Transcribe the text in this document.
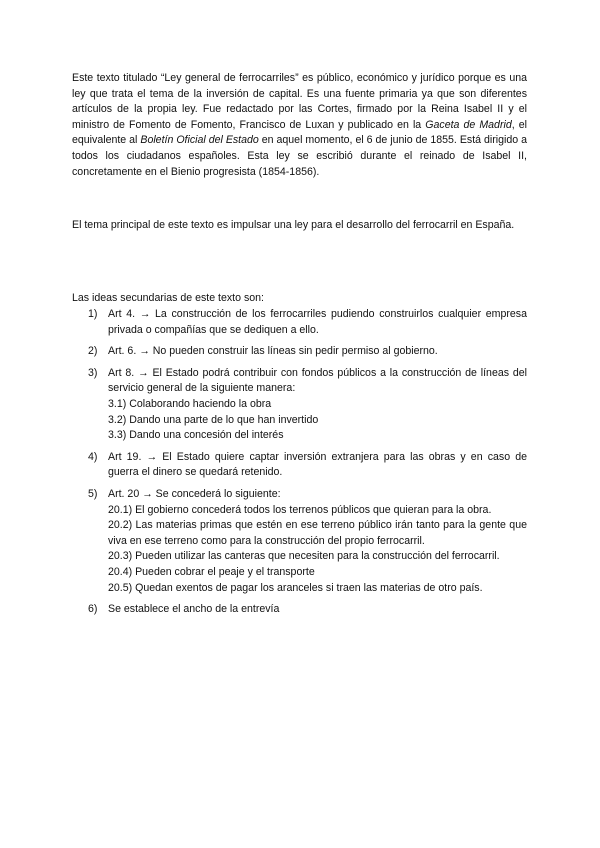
Este texto titulado “Ley general de ferrocarriles” es público, económico y jurídico porque es una ley que trata el tema de la inversión de capital. Es una fuente primaria ya que son diferentes artículos de la propia ley. Fue redactado por las Cortes, firmado por la Reina Isabel II y el ministro de Fomento de Fomento, Francisco de Luxan y publicado en la Gaceta de Madrid, el equivalente al Boletín Oficial del Estado en aquel momento, el 6 de junio de 1855. Está dirigido a todos los ciudadanos españoles. Esta ley se escribió durante el reinado de Isabel II, concretamente en el Bienio progresista (1854-1856).

El tema principal de este texto es impulsar una ley para el desarrollo del ferrocarril en España.

Las ideas secundarias de este texto son:

1) Art 4. → La construcción de los ferrocarriles pudiendo construirlos cualquier empresa privada o compañías que se dediquen a ello.
2) Art. 6. → No pueden construir las líneas sin pedir permiso al gobierno.
3) Art 8. → El Estado podrá contribuir con fondos públicos a la construcción de líneas del servicio general de la siguiente manera:
3.1) Colaborando haciendo la obra
3.2) Dando una parte de lo que han invertido
3.3) Dando una concesión del interés
4) Art 19. → El Estado quiere captar inversión extranjera para las obras y en caso de guerra el dinero se quedará retenido.
5) Art. 20 → Se concederá lo siguiente:
20.1) El gobierno concederá todos los terrenos públicos que quieran para la obra.
20.2) Las materias primas que estén en ese terreno público irán tanto para la gente que viva en ese terreno como para la construcción del propio ferrocarril.
20.3) Pueden utilizar las canteras que necesiten para la construcción del ferrocarril.
20.4) Pueden cobrar el peaje y el transporte
20.5) Quedan exentos de pagar los aranceles si traen las materias de otro país.
6) Se establece el ancho de la entrevía
